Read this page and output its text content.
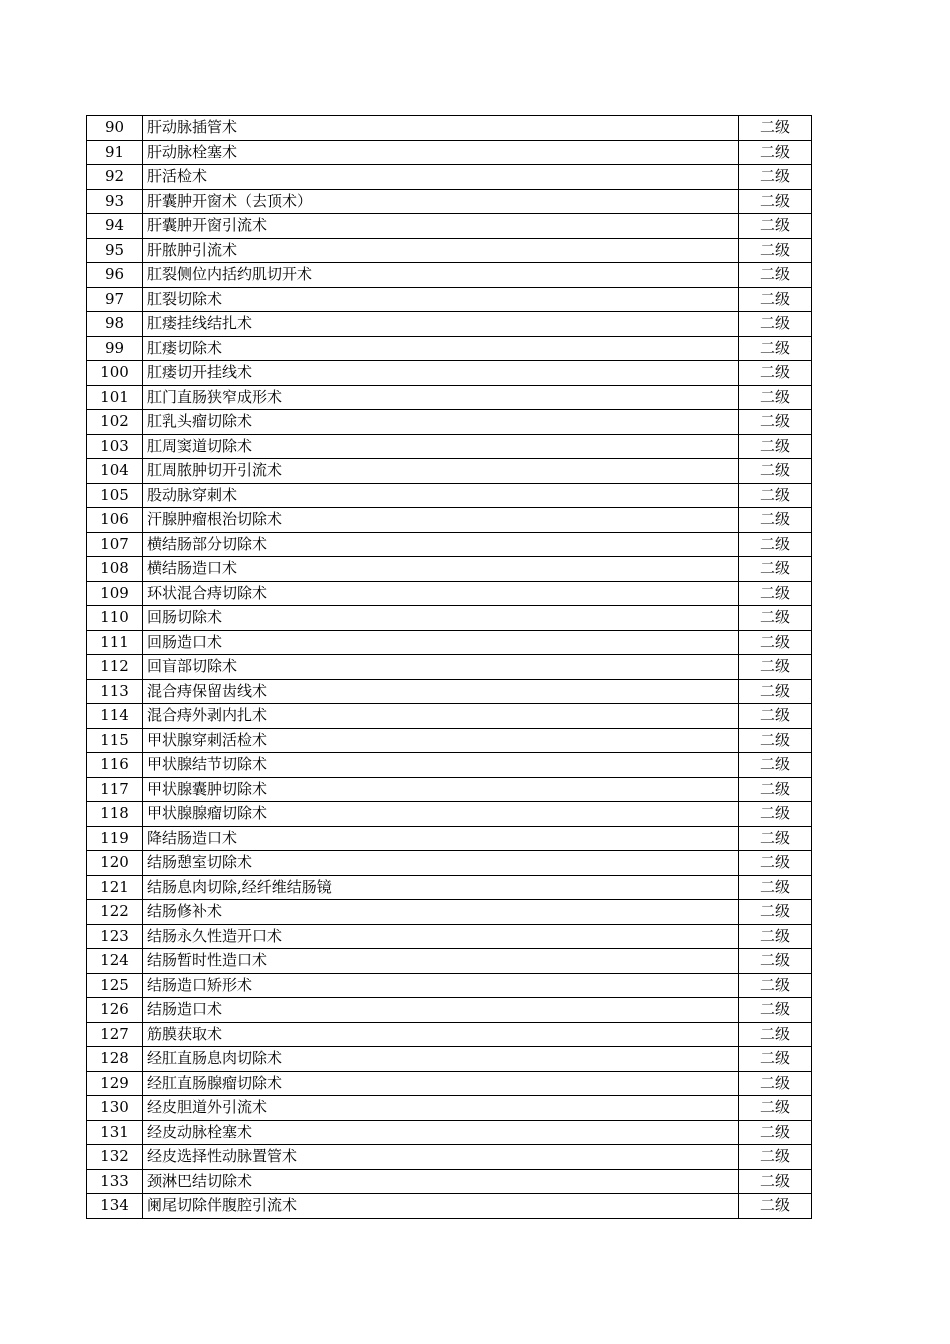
90	肝动脉插管术	二级
91	肝动脉栓塞术	二级
92	肝活检术	二级
93	肝囊肿开窗术（去顶术）	二级
94	肝囊肿开窗引流术	二级
95	肝脓肿引流术	二级
96	肛裂侧位内括约肌切开术	二级
97	肛裂切除术	二级
98	肛瘘挂线结扎术	二级
99	肛瘘切除术	二级
100	肛瘘切开挂线术	二级
101	肛门直肠狭窄成形术	二级
102	肛乳头瘤切除术	二级
103	肛周窦道切除术	二级
104	肛周脓肿切开引流术	二级
105	股动脉穿刺术	二级
106	汗腺肿瘤根治切除术	二级
107	横结肠部分切除术	二级
108	横结肠造口术	二级
109	环状混合痔切除术	二级
110	回肠切除术	二级
111	回肠造口术	二级
112	回盲部切除术	二级
113	混合痔保留齿线术	二级
114	混合痔外剥内扎术	二级
115	甲状腺穿刺活检术	二级
116	甲状腺结节切除术	二级
117	甲状腺囊肿切除术	二级
118	甲状腺腺瘤切除术	二级
119	降结肠造口术	二级
120	结肠憩室切除术	二级
121	结肠息肉切除,经纤维结肠镜	二级
122	结肠修补术	二级
123	结肠永久性造开口术	二级
124	结肠暂时性造口术	二级
125	结肠造口矫形术	二级
126	结肠造口术	二级
127	筋膜获取术	二级
128	经肛直肠息肉切除术	二级
129	经肛直肠腺瘤切除术	二级
130	经皮胆道外引流术	二级
131	经皮动脉栓塞术	二级
132	经皮选择性动脉置管术	二级
133	颈淋巴结切除术	二级
134	阑尾切除伴腹腔引流术	二级
